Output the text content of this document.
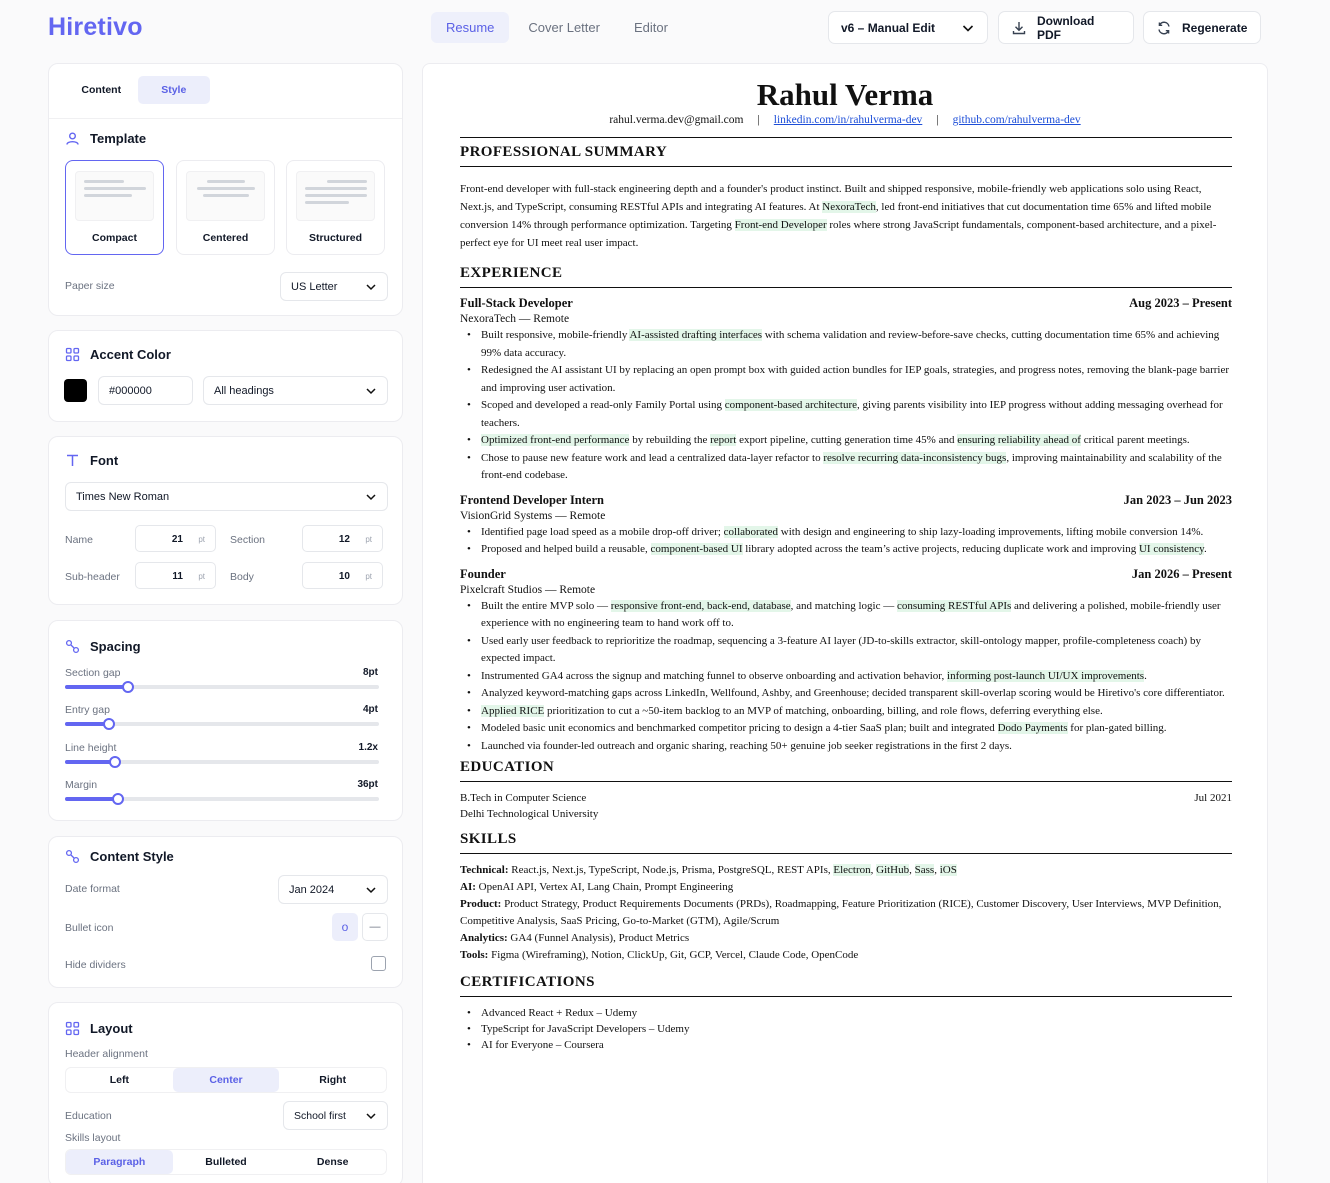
Hiretivo	Resume	Cover Letter	Editor	v6 – Manual Edit	Download PDF	Regenerate
Content	Style
Template
Compact	Centered	Structured
Paper size	US Letter
Accent Color
#000000	All headings
Font
Times New Roman
Name	21 pt Section	12 pt
Sub-header	11 pt Body	10 pt
Spacing
Section gap	8pt
Entry gap	4pt
Line height	1.2x
Margin	36pt
Content Style
Date format	Jan 2024
Bullet icon	o	—
Hide dividers
Layout
Header alignment
Left	Center	Right
Education	School first
Skills layout
Paragraph	Bulleted	Dense
Rahul Verma
rahul.verma.dev@gmail.com | linkedin.com/in/rahulverma-dev | github.com/rahulverma-dev
PROFESSIONAL SUMMARY
Front-end developer with full-stack engineering depth and a founder's product instinct. Built and shipped responsive, mobile-friendly web applications solo using React, Next.js, and TypeScript, consuming RESTful APIs and integrating AI features. At NexoraTech, led front-end initiatives that cut documentation time 65% and lifted mobile conversion 14% through performance optimization. Targeting Front-end Developer roles where strong JavaScript fundamentals, component-based architecture, and a pixel-perfect eye for UI meet real user impact.
EXPERIENCE
Full-Stack Developer	Aug 2023 – Present
NexoraTech — Remote
• Built responsive, mobile-friendly AI-assisted drafting interfaces with schema validation and review-before-save checks, cutting documentation time 65% and achieving 99% data accuracy.
• Redesigned the AI assistant UI by replacing an open prompt box with guided action bundles for IEP goals, strategies, and progress notes, removing the blank-page barrier and improving user activation.
• Scoped and developed a read-only Family Portal using component-based architecture, giving parents visibility into IEP progress without adding messaging overhead for teachers.
• Optimized front-end performance by rebuilding the report export pipeline, cutting generation time 45% and ensuring reliability ahead of critical parent meetings.
• Chose to pause new feature work and lead a centralized data-layer refactor to resolve recurring data-inconsistency bugs, improving maintainability and scalability of the front-end codebase.
Frontend Developer Intern	Jan 2023 – Jun 2023
VisionGrid Systems — Remote
• Identified page load speed as a mobile drop-off driver; collaborated with design and engineering to ship lazy-loading improvements, lifting mobile conversion 14%.
• Proposed and helped build a reusable, component-based UI library adopted across the team’s active projects, reducing duplicate work and improving UI consistency.
Founder	Jan 2026 – Present
Pixelcraft Studios — Remote
• Built the entire MVP solo — responsive front-end, back-end, database, and matching logic — consuming RESTful APIs and delivering a polished, mobile-friendly user experience with no engineering team to hand work off to.
• Used early user feedback to reprioritize the roadmap, sequencing a 3-feature AI layer (JD-to-skills extractor, skill-ontology mapper, profile-completeness coach) by expected impact.
• Instrumented GA4 across the signup and matching funnel to observe onboarding and activation behavior, informing post-launch UI/UX improvements.
• Analyzed keyword-matching gaps across LinkedIn, Wellfound, Ashby, and Greenhouse; decided transparent skill-overlap scoring would be Hiretivo's core differentiator.
• Applied RICE prioritization to cut a ~50-item backlog to an MVP of matching, onboarding, billing, and role flows, deferring everything else.
• Modeled basic unit economics and benchmarked competitor pricing to design a 4-tier SaaS plan; built and integrated Dodo Payments for plan-gated billing.
• Launched via founder-led outreach and organic sharing, reaching 50+ genuine job seeker registrations in the first 2 days.
EDUCATION
B.Tech in Computer Science	Jul 2021
Delhi Technological University
SKILLS
Technical: React.js, Next.js, TypeScript, Node.js, Prisma, PostgreSQL, REST APIs, Electron, GitHub, Sass, iOS
AI: OpenAI API, Vertex AI, Lang Chain, Prompt Engineering
Product: Product Strategy, Product Requirements Documents (PRDs), Roadmapping, Feature Prioritization (RICE), Customer Discovery, User Interviews, MVP Definition, Competitive Analysis, SaaS Pricing, Go-to-Market (GTM), Agile/Scrum
Analytics: GA4 (Funnel Analysis), Product Metrics
Tools: Figma (Wireframing), Notion, ClickUp, Git, GCP, Vercel, Claude Code, OpenCode
CERTIFICATIONS
• Advanced React + Redux – Udemy
• TypeScript for JavaScript Developers – Udemy
• AI for Everyone – Coursera
